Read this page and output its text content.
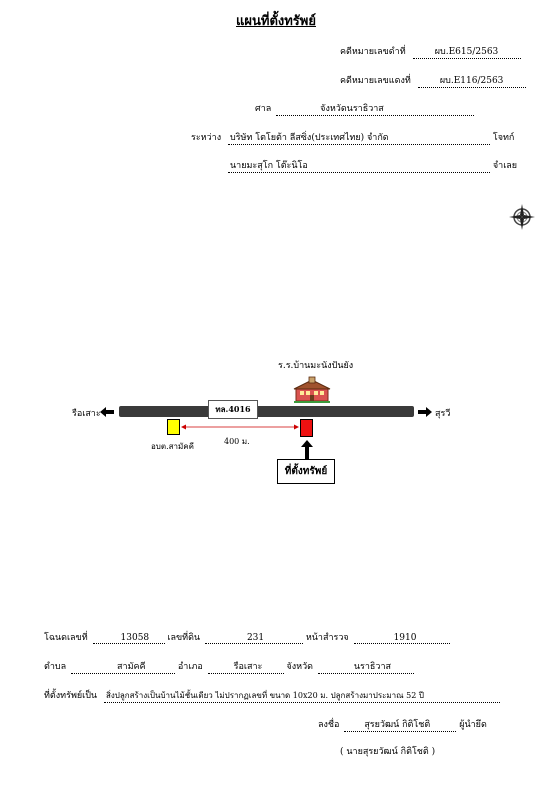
แผนที่ตั้งทรัพย์
คดีหมายเลขดำที่	ผบ.E615/2563
คดีหมายเลขแดงที่	ผบ.E116/2563
ศาล	จังหวัดนราธิวาส
ระหว่าง บริษัท โตโยต้า ลีสซิ่ง(ประเทศไทย) จำกัด	โจทก์
นายมะสุโก โต๊ะนิโอ	จำเลย
ร.ร.บ้านมะนังปันยัง
รือเสาะ	ทล.4016	สุรวี
อบต.สามัคคี
400 ม.
ที่ตั้งทรัพย์
โฉนดเลขที่	13058 เลขที่ดิน	231	หน้าสำรวจ	1910
ตำบล	สามัคคี	อำเภอ	รือเสาะ	จังหวัด	นราธิวาส
ที่ตั้งทรัพย์เป็น สิ่งปลูกสร้างเป็นบ้านไม้ชั้นเดียว ไม่ปรากฏเลขที่ ขนาด 10x20 ม. ปลูกสร้างมาประมาณ 52 ปี
ลงชื่อ	สุรยวัฒน์ กิติโชติ	ผู้นำยึด
( นายสุรยวัฒน์ กิติโชติ )
